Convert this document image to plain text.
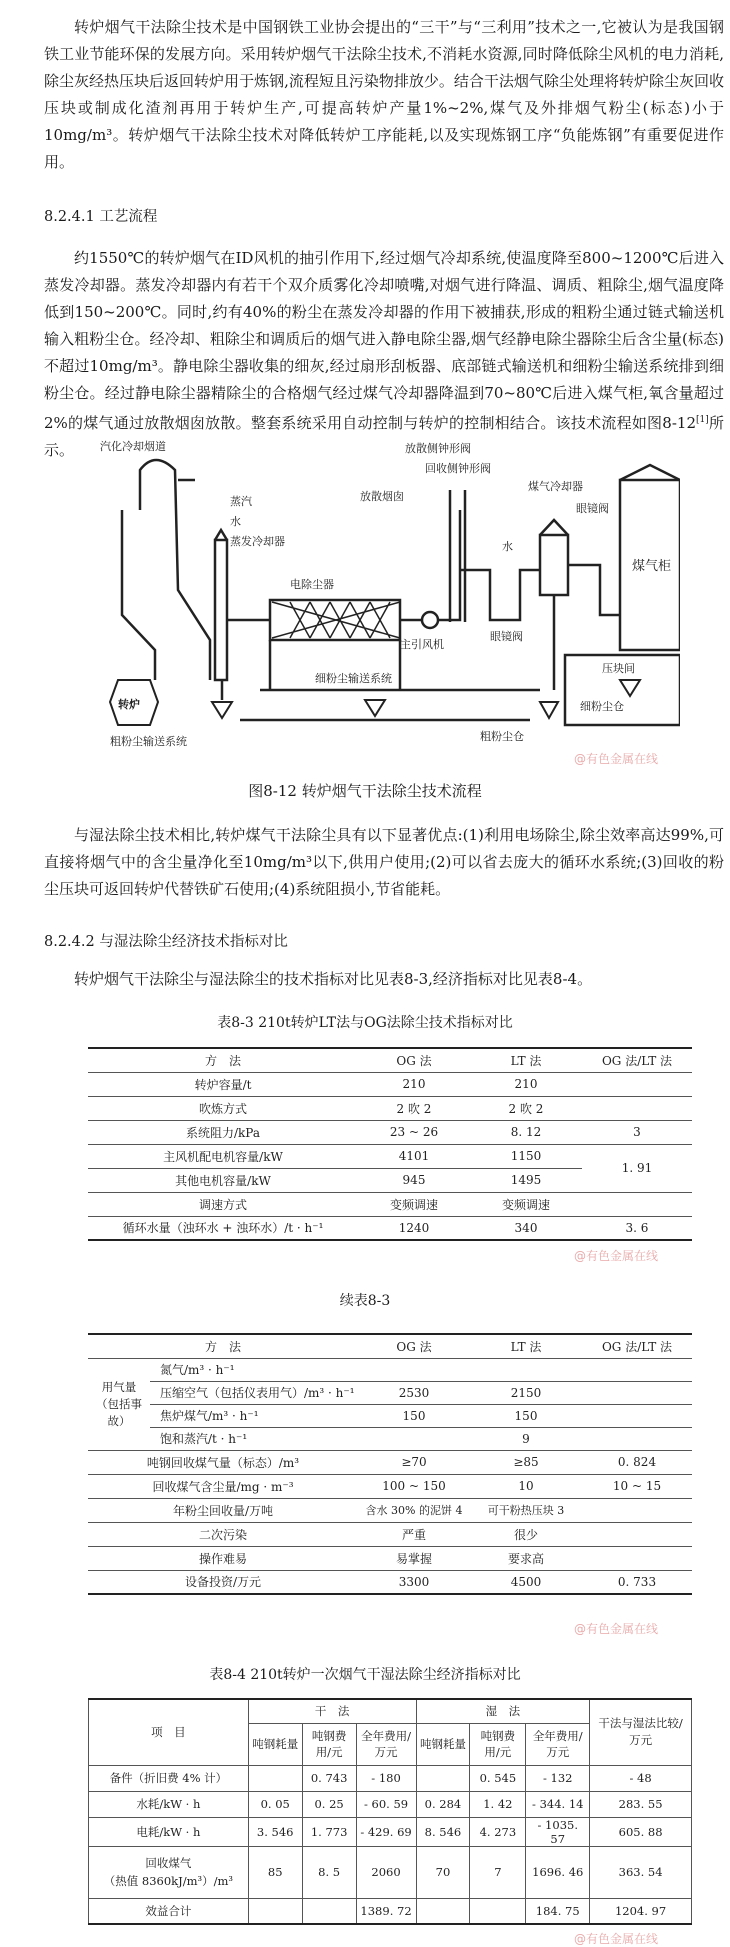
转炉烟气干法除尘技术是中国钢铁工业协会提出的“三干”与“三利用”技术之一,它被认为是我国钢铁工业节能环保的发展方向。采用转炉烟气干法除尘技术,不消耗水资源,同时降低除尘风机的电力消耗,除尘灰经热压块后返回转炉用于炼钢,流程短且污染物排放少。结合干法烟气除尘处理将转炉除尘灰回收压块或制成化渣剂再用于转炉生产,可提高转炉产量1%~2%,煤气及外排烟气粉尘(标态)小于10mg/m³。转炉烟气干法除尘技术对降低转炉工序能耗,以及实现炼钢工序“负能炼钢”有重要促进作用。

8.2.4.1 工艺流程

约1550℃的转炉烟气在ID风机的抽引作用下,经过烟气冷却系统,使温度降至800~1200℃后进入蒸发冷却器。蒸发冷却器内有若干个双介质雾化冷却喷嘴,对烟气进行降温、调质、粗除尘,烟气温度降低到150~200℃。同时,约有40%的粉尘在蒸发冷却器的作用下被捕获,形成的粗粉尘通过链式输送机输入粗粉尘仓。经冷却、粗除尘和调质后的烟气进入静电除尘器,烟气经静电除尘器除尘后含尘量(标态)不超过10mg/m³。静电除尘器收集的细灰,经过扇形刮板器、底部链式输送机和细粉尘输送系统排到细粉尘仓。经过静电除尘器精除尘的合格烟气经过煤气冷却器降温到70~80℃后进入煤气柜,氧含量超过2%的煤气通过放散烟囱放散。整套系统采用自动控制与转炉的控制相结合。该技术流程如图8-12[1]所示。

转炉
汽化冷却烟道
蒸汽
水
蒸发冷却器
电除尘器
放散烟囱
放散侧钟形阀
回收侧钟形阀
煤气冷却器
水
眼镜阀
眼镜阀
主引风机
煤气柜
细粉尘输送系统
粗粉尘输送系统	粗粉尘仓
细粉尘仓
压块间
@有色金属在线

图8-12 转炉烟气干法除尘技术流程

与湿法除尘技术相比,转炉煤气干法除尘具有以下显著优点:(1)利用电场除尘,除尘效率高达99%,可直接将烟气中的含尘量净化至10mg/m³以下,供用户使用;(2)可以省去庞大的循环水系统;(3)回收的粉尘压块可返回转炉代替铁矿石使用;(4)系统阻损小,节省能耗。

8.2.4.2 与湿法除尘经济技术指标对比

转炉烟气干法除尘与湿法除尘的技术指标对比见表8-3,经济指标对比见表8-4。

表8-3 210t转炉LT法与OG法除尘技术指标对比

方　法	OG 法	LT 法	OG 法/LT 法
转炉容量/t	210	210	
吹炼方式	2 吹 2	2 吹 2	
系统阻力/kPa	23 ~ 26	8. 12	3
主风机配电机容量/kW	4101	1150	1. 91
其他电机容量/kW	945	1495	
调速方式	变频调速	变频调速	
循环水量（浊环水 + 浊环水）/t · h⁻¹	1240	340	3. 6
@有色金属在线

续表8-3

方　法		OG 法	LT 法	OG 法/LT 法
用气量（包括事故）	氮气/m³ · h⁻¹			
	压缩空气（包括仪表用气）/m³ · h⁻¹	2530	2150	
	焦炉煤气/m³ · h⁻¹	150	150	
	饱和蒸汽/t · h⁻¹		9	
吨钢回收煤气量（标态）/m³		≥70	≥85	0. 824
回收煤气含尘量/mg · m⁻³		100 ~ 150	10	10 ~ 15
年粉尘回收量/万吨		含水 30% 的泥饼 4	可干粉热压块 3	
二次污染		严重	很少	
操作难易		易掌握	要求高	
设备投资/万元		3300	4500	0. 733
@有色金属在线

表8-4 210t转炉一次烟气干湿法除尘经济指标对比

项　目	干　法			湿　法			干法与湿法比较/万元
	吨钢耗量	吨钢费用/元	全年费用/万元	吨钢耗量	吨钢费用/元	全年费用/万元	
备件（折旧费 4% 计）		0. 743	- 180		0. 545	- 132	- 48
水耗/kW · h	0. 05	0. 25	- 60. 59	0. 284	1. 42	- 344. 14	283. 55
电耗/kW · h	3. 546	1. 773	- 429. 69	8. 546	4. 273	- 1035. 57	605. 88
回收煤气
（热值 8360kJ/m³）/m³	85	8. 5	2060	70	7	1696. 46	363. 54
效益合计			1389. 72			184. 75	1204. 97
@有色金属在线
